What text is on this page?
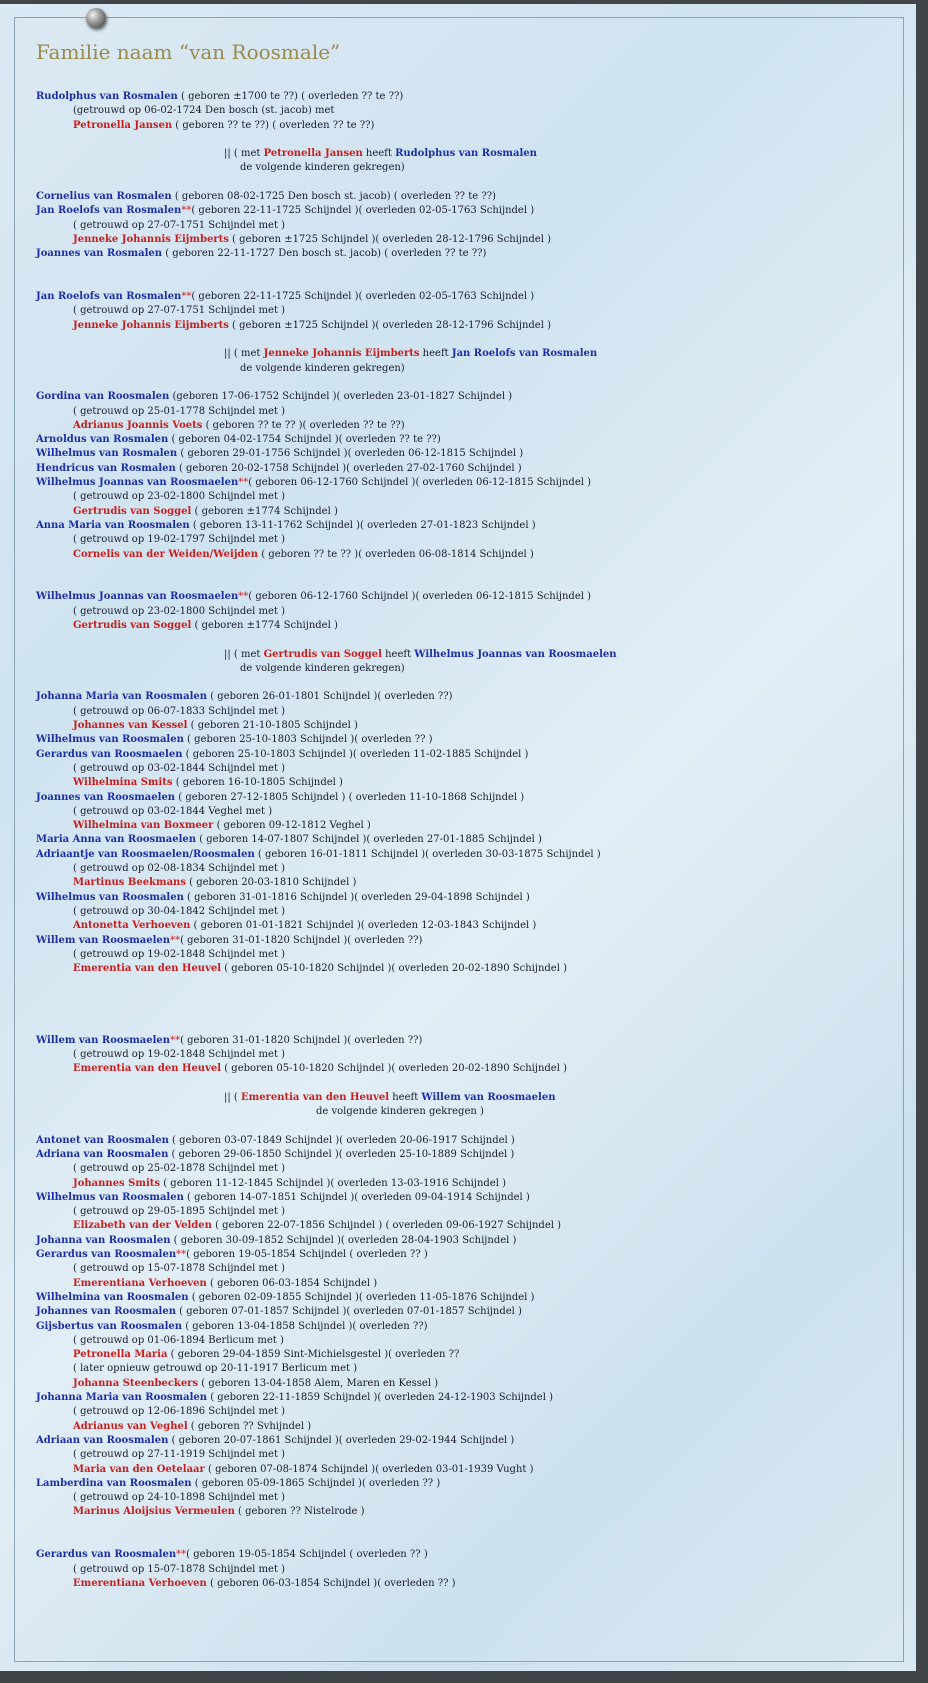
Familie naam “van Roosmale”
Rudolphus van Rosmalen ( geboren ±1700 te ??) ( overleden ?? te ??)
(getrouwd op 06-02-1724 Den bosch (st. jacob) met
Petronella Jansen ( geboren ?? te ??) ( overleden ?? te ??)
|| ( met Petronella Jansen heeft Rudolphus van Rosmalen
de volgende kinderen gekregen)
Cornelius van Rosmalen ( geboren 08-02-1725 Den bosch st. jacob) ( overleden ?? te ??)
Jan Roelofs van Rosmalen**( geboren 22-11-1725 Schijndel )( overleden 02-05-1763 Schijndel )
( getrouwd op 27-07-1751 Schijndel met )
Jenneke Johannis Eijmberts ( geboren ±1725 Schijndel )( overleden 28-12-1796 Schijndel )
Joannes van Rosmalen ( geboren 22-11-1727 Den bosch st. jacob) ( overleden ?? te ??)
Jan Roelofs van Rosmalen**( geboren 22-11-1725 Schijndel )( overleden 02-05-1763 Schijndel )
( getrouwd op 27-07-1751 Schijndel met )
Jenneke Johannis Eijmberts ( geboren ±1725 Schijndel )( overleden 28-12-1796 Schijndel )
|| ( met Jenneke Johannis Eijmberts heeft Jan Roelofs van Rosmalen
de volgende kinderen gekregen)
Gordina van Roosmalen (geboren 17-06-1752 Schijndel )( overleden 23-01-1827 Schijndel )
( getrouwd op 25-01-1778 Schijndel met )
Adrianus Joannis Voets ( geboren ?? te ?? )( overleden ?? te ??)
Arnoldus van Rosmalen ( geboren 04-02-1754 Schijndel )( overleden ?? te ??)
Wilhelmus van Rosmalen ( geboren 29-01-1756 Schijndel )( overleden 06-12-1815 Schijndel )
Hendricus van Rosmalen ( geboren 20-02-1758 Schijndel )( overleden 27-02-1760 Schijndel )
Wilhelmus Joannas van Roosmaelen**( geboren 06-12-1760 Schijndel )( overleden 06-12-1815 Schijndel )
( getrouwd op 23-02-1800 Schijndel met )
Gertrudis van Soggel ( geboren ±1774 Schijndel )
Anna Maria van Roosmalen ( geboren 13-11-1762 Schijndel )( overleden 27-01-1823 Schijndel )
( getrouwd op 19-02-1797 Schijndel met )
Cornelis van der Weiden/Weijden ( geboren ?? te ?? )( overleden 06-08-1814 Schijndel )
Wilhelmus Joannas van Roosmaelen**( geboren 06-12-1760 Schijndel )( overleden 06-12-1815 Schijndel )
( getrouwd op 23-02-1800 Schijndel met )
Gertrudis van Soggel ( geboren ±1774 Schijndel )
|| ( met Gertrudis van Soggel heeft Wilhelmus Joannas van Roosmaelen
de volgende kinderen gekregen)
Johanna Maria van Roosmalen ( geboren 26-01-1801 Schijndel )( overleden ??)
( getrouwd op 06-07-1833 Schijndel met )
Johannes van Kessel ( geboren 21-10-1805 Schijndel )
Wilhelmus van Roosmalen ( geboren 25-10-1803 Schijndel )( overleden ?? )
Gerardus van Roosmaelen ( geboren 25-10-1803 Schijndel )( overleden 11-02-1885 Schijndel )
( getrouwd op 03-02-1844 Schijndel met )
Wilhelmina Smits ( geboren 16-10-1805 Schijndel )
Joannes van Roosmaelen ( geboren 27-12-1805 Schijndel ) ( overleden 11-10-1868 Schijndel )
( getrouwd op 03-02-1844 Veghel met )
Wilhelmina van Boxmeer ( geboren 09-12-1812 Veghel )
Maria Anna van Roosmaelen ( geboren 14-07-1807 Schijndel )( overleden 27-01-1885 Schijndel )
Adriaantje van Roosmaelen/Roosmalen ( geboren 16-01-1811 Schijndel )( overleden 30-03-1875 Schijndel )
( getrouwd op 02-08-1834 Schijndel met )
Martinus Beekmans ( geboren 20-03-1810 Schijndel )
Wilhelmus van Roosmalen ( geboren 31-01-1816 Schijndel )( overleden 29-04-1898 Schijndel )
( getrouwd op 30-04-1842 Schijndel met )
Antonetta Verhoeven ( geboren 01-01-1821 Schijndel )( overleden 12-03-1843 Schijndel )
Willem van Roosmaelen**( geboren 31-01-1820 Schijndel )( overleden ??)
( getrouwd op 19-02-1848 Schijndel met )
Emerentia van den Heuvel ( geboren 05-10-1820 Schijndel )( overleden 20-02-1890 Schijndel )
Willem van Roosmaelen**( geboren 31-01-1820 Schijndel )( overleden ??)
( getrouwd op 19-02-1848 Schijndel met )
Emerentia van den Heuvel ( geboren 05-10-1820 Schijndel )( overleden 20-02-1890 Schijndel )
|| ( Emerentia van den Heuvel heeft Willem van Roosmaelen
de volgende kinderen gekregen )
Antonet van Roosmalen ( geboren 03-07-1849 Schijndel )( overleden 20-06-1917 Schijndel )
Adriana van Roosmalen ( geboren 29-06-1850 Schijndel )( overleden 25-10-1889 Schijndel )
( getrouwd op 25-02-1878 Schijndel met )
Johannes Smits ( geboren 11-12-1845 Schijndel )( overleden 13-03-1916 Schijndel )
Wilhelmus van Roosmalen ( geboren 14-07-1851 Schijndel )( overleden 09-04-1914 Schijndel )
( getrouwd op 29-05-1895 Schijndel met )
Elizabeth van der Velden ( geboren 22-07-1856 Schijndel ) ( overleden 09-06-1927 Schijndel )
Johanna van Roosmalen ( geboren 30-09-1852 Schijndel )( overleden 28-04-1903 Schijndel )
Gerardus van Roosmalen**( geboren 19-05-1854 Schijndel ( overleden ?? )
( getrouwd op 15-07-1878 Schijndel met )
Emerentiana Verhoeven ( geboren 06-03-1854 Schijndel )
Wilhelmina van Roosmalen ( geboren 02-09-1855 Schijndel )( overleden 11-05-1876 Schijndel )
Johannes van Roosmalen ( geboren 07-01-1857 Schijndel )( overleden 07-01-1857 Schijndel )
Gijsbertus van Roosmalen ( geboren 13-04-1858 Schijndel )( overleden ??)
( getrouwd op 01-06-1894 Berlicum met )
Petronella Maria ( geboren 29-04-1859 Sint-Michielsgestel )( overleden ??
( later opnieuw getrouwd op 20-11-1917 Berlicum met )
Johanna Steenbeckers ( geboren 13-04-1858 Alem, Maren en Kessel )
Johanna Maria van Roosmalen ( geboren 22-11-1859 Schijndel )( overleden 24-12-1903 Schijndel )
( getrouwd op 12-06-1896 Schijndel met )
Adrianus van Veghel ( geboren ?? Svhijndel )
Adriaan van Roosmalen ( geboren 20-07-1861 Schijndel )( overleden 29-02-1944 Schijndel )
( getrouwd op 27-11-1919 Schijndel met )
Maria van den Oetelaar ( geboren 07-08-1874 Schijndel )( overleden 03-01-1939 Vught )
Lamberdina van Roosmalen ( geboren 05-09-1865 Schijndel )( overleden ?? )
( getrouwd op 24-10-1898 Schijndel met )
Marinus Aloijsius Vermeulen ( geboren ?? Nistelrode )
Gerardus van Roosmalen**( geboren 19-05-1854 Schijndel ( overleden ?? )
( getrouwd op 15-07-1878 Schijndel met )
Emerentiana Verhoeven ( geboren 06-03-1854 Schijndel )( overleden ?? )
